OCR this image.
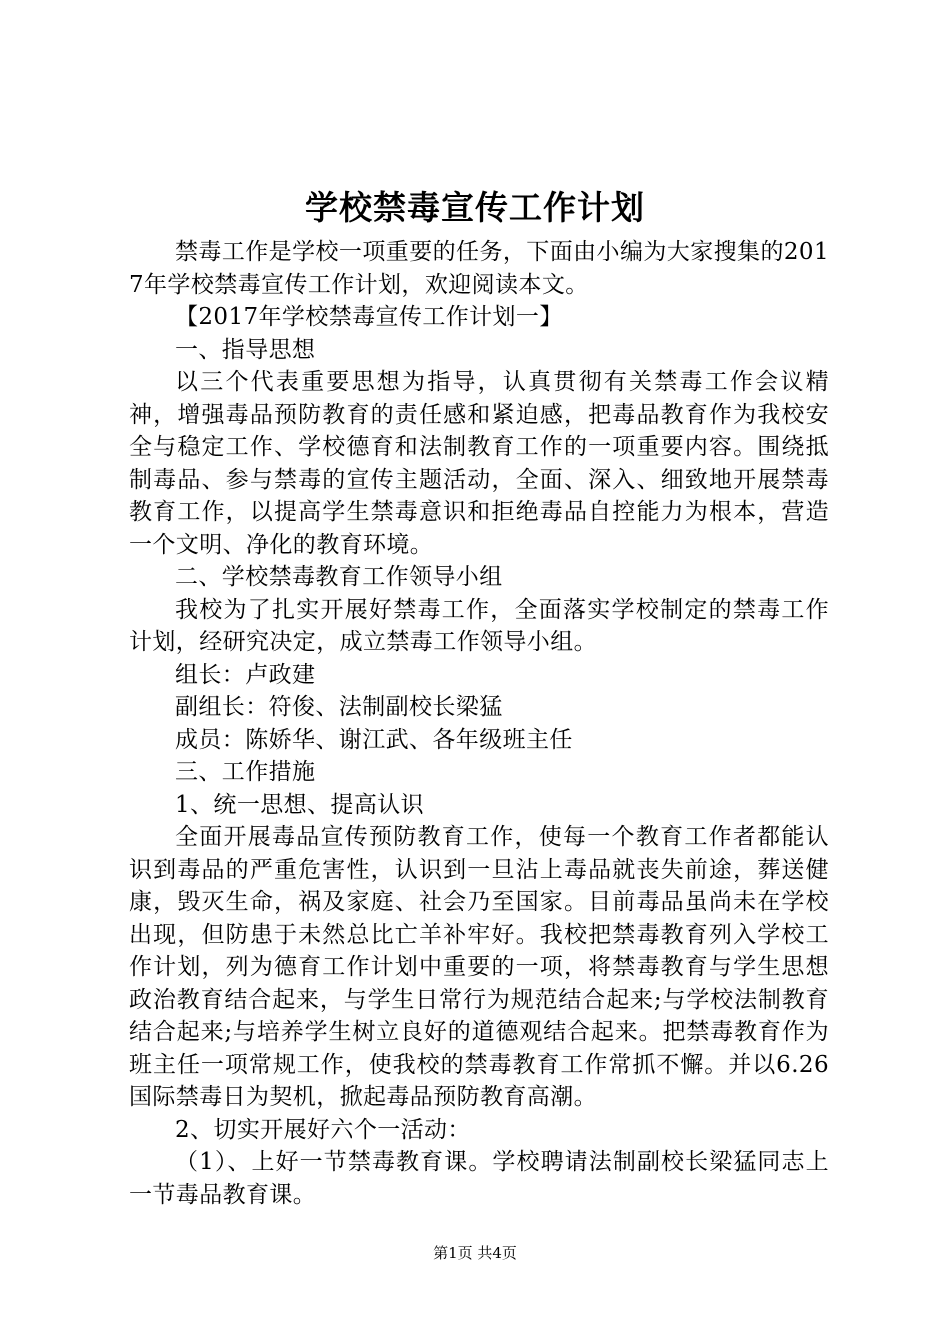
学校禁毒宣传工作计划

禁毒工作是学校一项重要的任务，下面由小编为大家搜集的2017年学校禁毒宣传工作计划，欢迎阅读本文。

【2017年学校禁毒宣传工作计划一】

一、指导思想

以三个代表重要思想为指导，认真贯彻有关禁毒工作会议精神，增强毒品预防教育的责任感和紧迫感，把毒品教育作为我校安全与稳定工作、学校德育和法制教育工作的一项重要内容。围绕抵制毒品、参与禁毒的宣传主题活动，全面、深入、细致地开展禁毒教育工作，以提高学生禁毒意识和拒绝毒品自控能力为根本，营造一个文明、净化的教育环境。

二、学校禁毒教育工作领导小组

我校为了扎实开展好禁毒工作，全面落实学校制定的禁毒工作计划，经研究决定，成立禁毒工作领导小组。

组长：卢政建

副组长：符俊、法制副校长梁猛

成员：陈娇华、谢江武、各年级班主任

三、工作措施

1、统一思想、提高认识

全面开展毒品宣传预防教育工作，使每一个教育工作者都能认识到毒品的严重危害性，认识到一旦沾上毒品就丧失前途，葬送健康，毁灭生命，祸及家庭、社会乃至国家。目前毒品虽尚未在学校出现，但防患于未然总比亡羊补牢好。我校把禁毒教育列入学校工作计划，列为德育工作计划中重要的一项，将禁毒教育与学生思想政治教育结合起来，与学生日常行为规范结合起来;与学校法制教育结合起来;与培养学生树立良好的道德观结合起来。把禁毒教育作为班主任一项常规工作，使我校的禁毒教育工作常抓不懈。并以6.26国际禁毒日为契机，掀起毒品预防教育高潮。

2、切实开展好六个一活动：

（1）、上好一节禁毒教育课。学校聘请法制副校长梁猛同志上一节毒品教育课。

第1页 共4页
